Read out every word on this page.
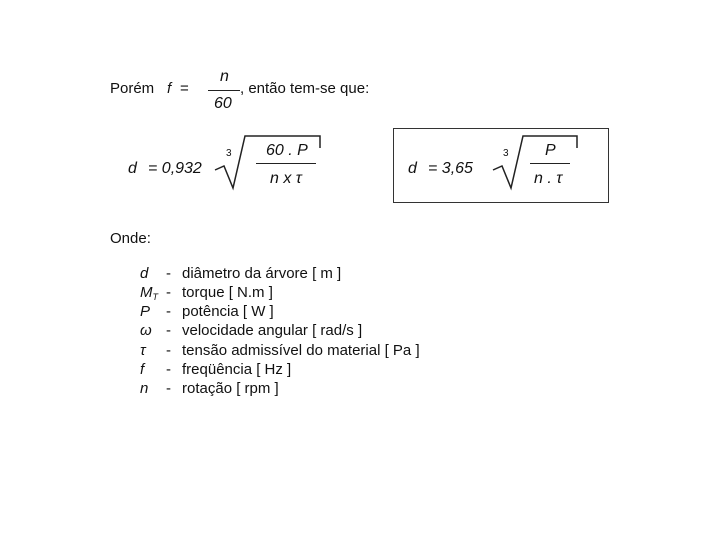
Porém f =
n
60
, então tem-se que:
d = 0,932
3 60 . P
n x τ
d = 3,65
3 P
n . τ
Onde:
d - diâmetro da árvore [ m ]
$M_T$ - torque [ N.m ]
P - potência [ W ]
ω - velocidade angular [ rad/s ]
τ - tensão admissível do material [ Pa ]
f - freqüência [ Hz ]
n - rotação [ rpm ]
